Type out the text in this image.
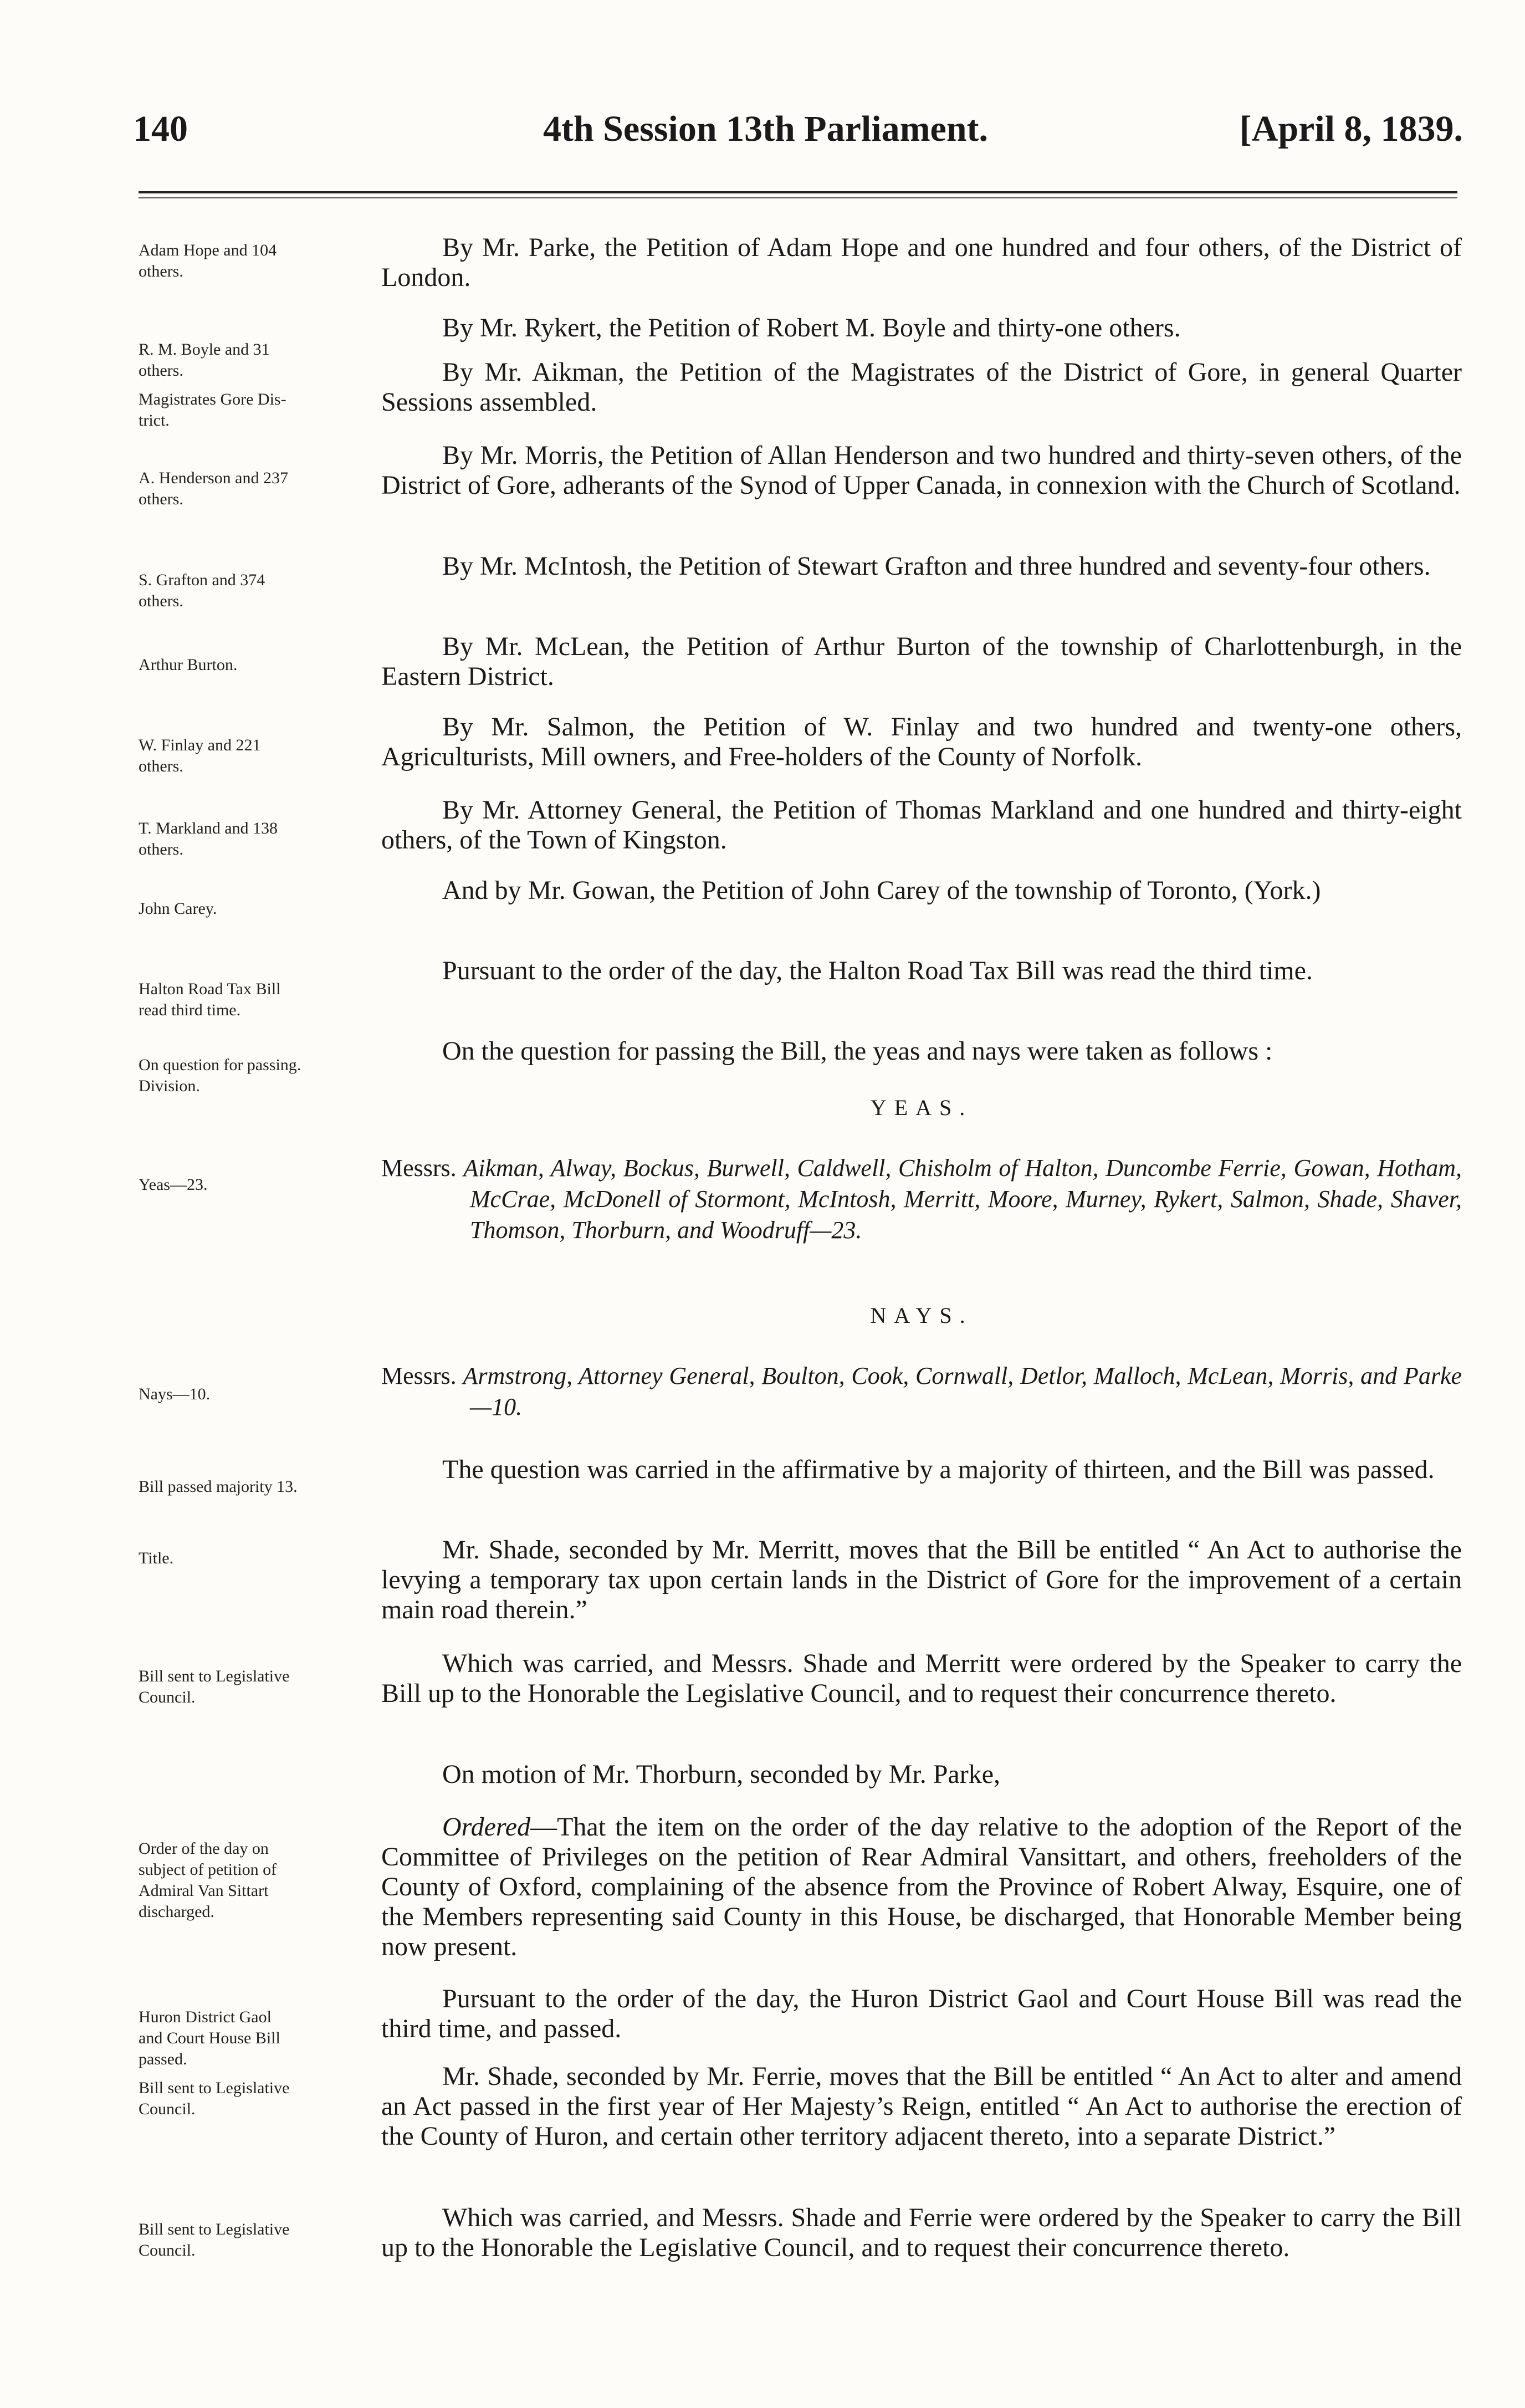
140	4th Session 13th Parliament.	[April 8, 1839.
Adam Hope and 104
others.

By Mr. Parke, the Petition of Adam Hope and one hundred and four others, of the District of London.

R. M. Boyle and 31
others.

By Mr. Rykert, the Petition of Robert M. Boyle and thirty-one others.

Magistrates Gore Dis-
trict.

By Mr. Aikman, the Petition of the Magistrates of the District of Gore, in general Quarter Sessions assembled.

A. Henderson and 237
others.

By Mr. Morris, the Petition of Allan Henderson and two hundred and thirty-seven others, of the District of Gore, adherants of the Synod of Upper Canada, in connexion with the Church of Scotland.

S. Grafton and 374
others.

By Mr. McIntosh, the Petition of Stewart Grafton and three hundred and seventy-four others.

Arthur Burton.

By Mr. McLean, the Petition of Arthur Burton of the township of Charlottenburgh, in the Eastern District.

W. Finlay and 221
others.

By Mr. Salmon, the Petition of W. Finlay and two hundred and twenty-one others, Agriculturists, Mill owners, and Free-holders of the County of Norfolk.

T. Markland and 138
others.

By Mr. Attorney General, the Petition of Thomas Markland and one hundred and thirty-eight others, of the Town of Kingston.

John Carey.

And by Mr. Gowan, the Petition of John Carey of the township of Toronto, (York.)

Halton Road Tax Bill
read third time.

Pursuant to the order of the day, the Halton Road Tax Bill was read the third time.

On question for passing.
Division.

On the question for passing the Bill, the yeas and nays were taken as follows :

YEAS.
Yeas—23.
Messrs. Aikman, Alway, Bockus, Burwell, Caldwell, Chisholm of Halton, Duncombe Ferrie, Gowan, Hotham, McCrae, McDonell of Stormont, McIntosh, Merritt, Moore, Murney, Rykert, Salmon, Shade, Shaver, Thomson, Thorburn, and Woodruff—23.
NAYS.
Nays—10.
Messrs. Armstrong, Attorney General, Boulton, Cook, Cornwall, Detlor, Malloch, McLean, Morris, and Parke—10.
Bill passed majority 13.

The question was carried in the affirmative by a majority of thirteen, and the Bill was passed.

Title.	Mr. Shade, seconded by Mr. Merritt, moves that the Bill be entitled “ An Act to authorise the levying a temporary tax upon certain lands in the District of Gore for the improvement of a certain main road therein.”

Bill sent to Legislative
Council.

Which was carried, and Messrs. Shade and Merritt were ordered by the Speaker to carry the Bill up to the Honorable the Legislative Council, and to request their concurrence thereto.

On motion of Mr. Thorburn, seconded by Mr. Parke,

Order of the day on
subject of petition of
Admiral Van Sittart
discharged.

Ordered—That the item on the order of the day relative to the adoption of the Report of the Committee of Privileges on the petition of Rear Admiral Vansittart, and others, freeholders of the County of Oxford, complaining of the absence from the Province of Robert Alway, Esquire, one of the Members representing said County in this House, be discharged, that Honorable Member being now present.

Huron District Gaol
and Court House Bill
passed.

Pursuant to the order of the day, the Huron District Gaol and Court House Bill was read the third time, and passed.

Bill sent to Legislative
Council.

Mr. Shade, seconded by Mr. Ferrie, moves that the Bill be entitled “ An Act to alter and amend an Act passed in the first year of Her Majesty’s Reign, entitled “ An Act to authorise the erection of the County of Huron, and certain other territory adjacent thereto, into a separate District.”

Bill sent to Legislative
Council.

Which was carried, and Messrs. Shade and Ferrie were ordered by the Speaker to carry the Bill up to the Honorable the Legislative Council, and to request their concurrence thereto.
